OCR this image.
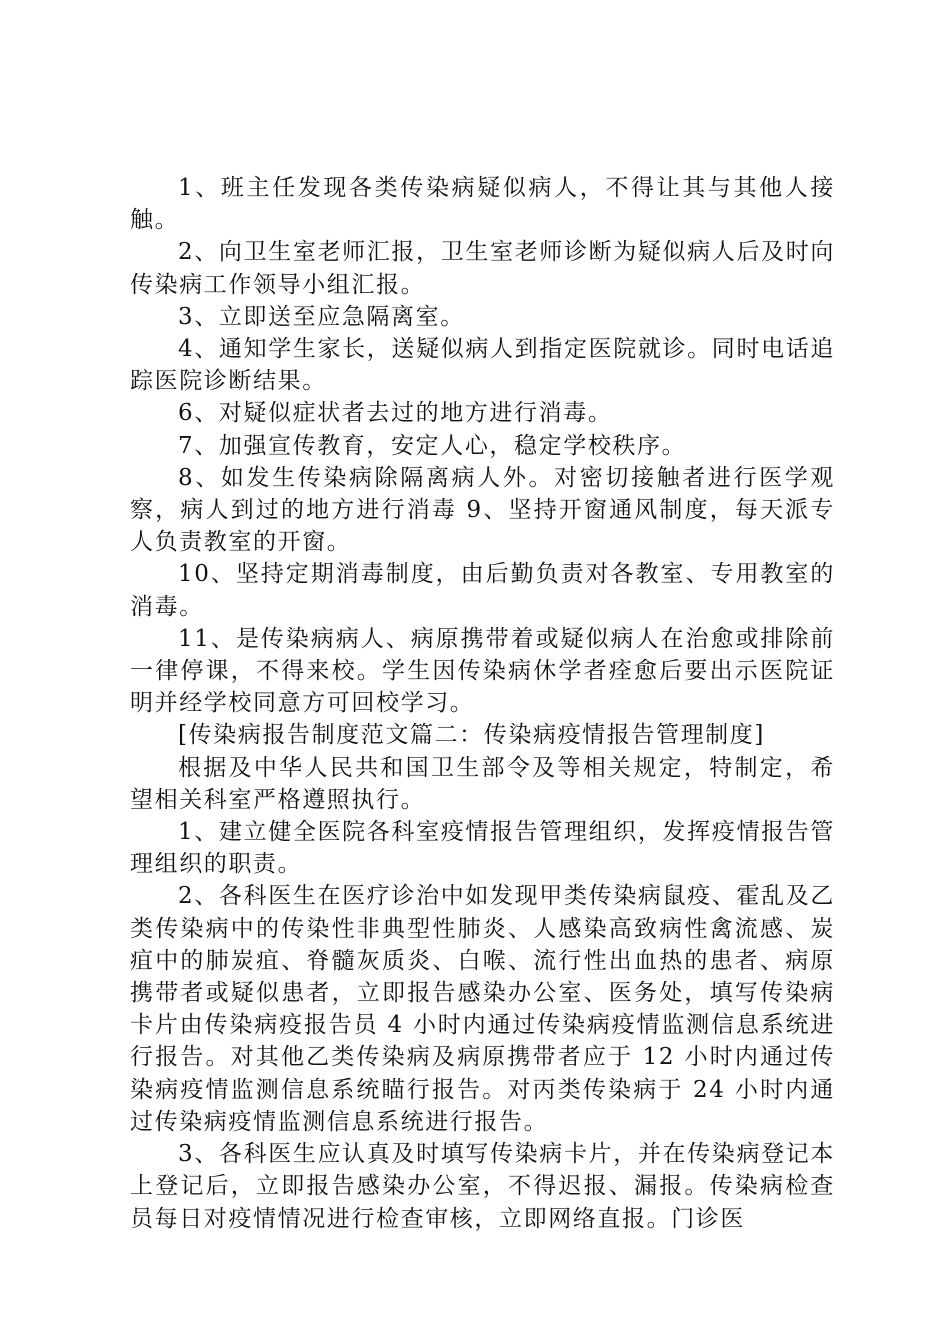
1、班主任发现各类传染病疑似病人，不得让其与其他人接触。

2、向卫生室老师汇报，卫生室老师诊断为疑似病人后及时向传染病工作领导小组汇报。

3、立即送至应急隔离室。

4、通知学生家长，送疑似病人到指定医院就诊。同时电话追踪医院诊断结果。

6、对疑似症状者去过的地方进行消毒。

7、加强宣传教育，安定人心，稳定学校秩序。

8、如发生传染病除隔离病人外。对密切接触者进行医学观察，病人到过的地方进行消毒 9、坚持开窗通风制度，每天派专人负责教室的开窗。

10、坚持定期消毒制度，由后勤负责对各教室、专用教室的消毒。

11、是传染病病人、病原携带着或疑似病人在治愈或排除前一律停课，不得来校。学生因传染病休学者痊愈后要出示医院证明并经学校同意方可回校学习。

[传染病报告制度范文篇二：传染病疫情报告管理制度]

根据及中华人民共和国卫生部令及等相关规定，特制定，希望相关科室严格遵照执行。

1、建立健全医院各科室疫情报告管理组织，发挥疫情报告管理组织的职责。

2、各科医生在医疗诊治中如发现甲类传染病鼠疫、霍乱及乙类传染病中的传染性非典型性肺炎、人感染高致病性禽流感、炭疽中的肺炭疽、脊髓灰质炎、白喉、流行性出血热的患者、病原携带者或疑似患者，立即报告感染办公室、医务处，填写传染病卡片由传染病疫报告员 4 小时内通过传染病疫情监测信息系统进行报告。对其他乙类传染病及病原携带者应于 12 小时内通过传染病疫情监测信息系统瞄行报告。对丙类传染病于 24 小时内通过传染病疫情监测信息系统进行报告。

3、各科医生应认真及时填写传染病卡片，并在传染病登记本上登记后，立即报告感染办公室，不得迟报、漏报。传染病检查员每日对疫情情况进行检查审核，立即网络直报。门诊医
